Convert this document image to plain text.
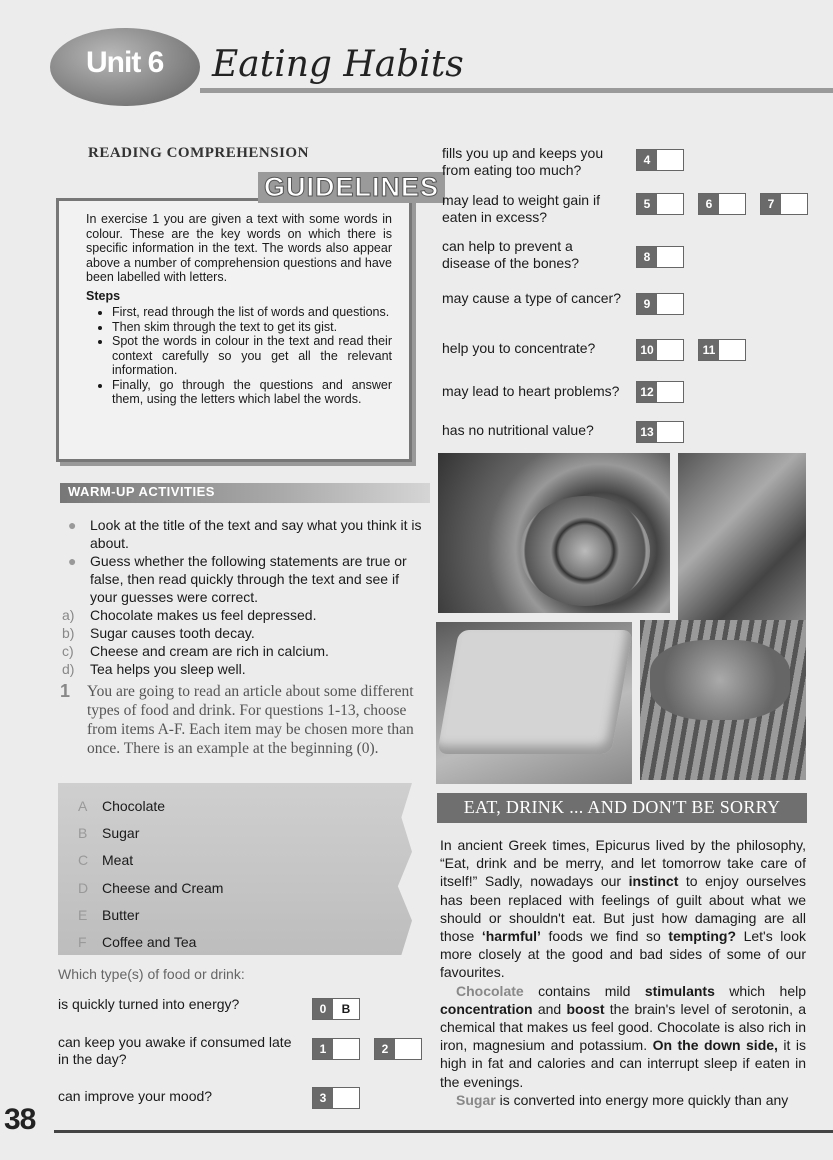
Unit 6 Eating Habits
READING COMPREHENSION
GUIDELINES
In exercise 1 you are given a text with some words in colour. These are the key words on which there is specific information in the text. The words also appear above a number of comprehension questions and have been labelled with letters.
Steps
• First, read through the list of words and questions.
• Then skim through the text to get its gist.
• Spot the words in colour in the text and read their context carefully so you get all the relevant information.
• Finally, go through the questions and answer them, using the letters which label the words.
WARM-UP ACTIVITIES
● Look at the title of the text and say what you think it is about.
● Guess whether the following statements are true or false, then read quickly through the text and see if your guesses were correct.
a) Chocolate makes us feel depressed.
b) Sugar causes tooth decay.
c) Cheese and cream are rich in calcium.
d) Tea helps you sleep well.
1	You are going to read an article about some different types of food and drink. For questions 1-13, choose from items A-F. Each item may be chosen more than once. There is an example at the beginning (0).
A Chocolate
B Sugar
C Meat
D Cheese and Cream
E Butter
F Coffee and Tea
Which type(s) of food or drink:
is quickly turned into energy?	0	B
can keep you awake if consumed late in the day?
1	2
can improve your mood?	3
fills you up and keeps you from eating too much?
4
may lead to weight gain if eaten in excess?
5	6	7
can help to prevent a disease of the bones?	8
may cause a type of cancer?	9
help you to concentrate?	10	11
may lead to heart problems?	12
has no nutritional value?	13
EAT, DRINK ... AND DON'T BE SORRY

In ancient Greek times, Epicurus lived by the philosophy, “Eat, drink and be merry, and let tomorrow take care of itself!” Sadly, nowadays our instinct to enjoy ourselves has been replaced with feelings of guilt about what we should or shouldn't eat. But just how damaging are all those ‘harmful’ foods we find so tempting? Let's look more closely at the good and bad sides of some of our favourites.

Chocolate contains mild stimulants which help concentration and boost the brain's level of serotonin, a chemical that makes us feel good. Chocolate is also rich in iron, magnesium and potassium. On the down side, it is high in fat and calories and can interrupt sleep if eaten in the evenings.

Sugar is converted into energy more quickly than any

38
